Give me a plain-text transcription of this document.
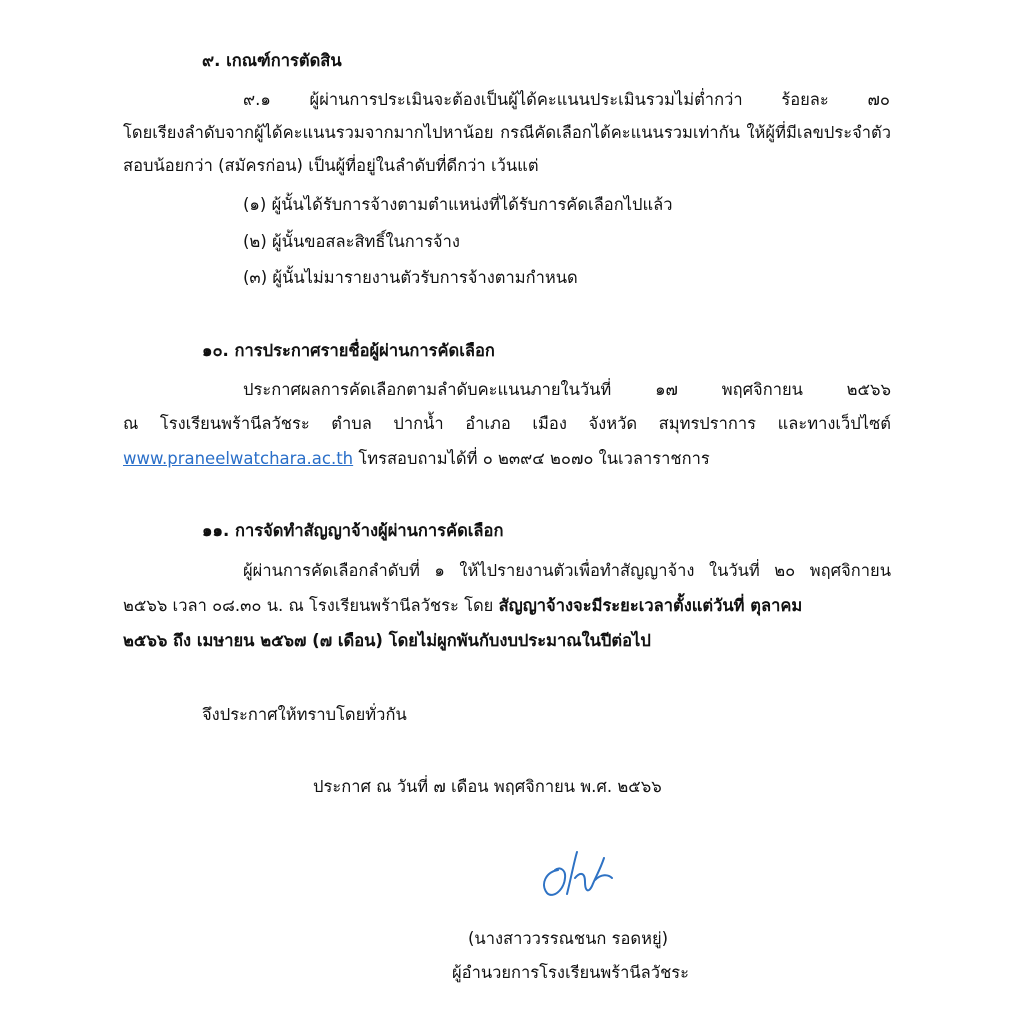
๙. เกณฑ์การตัดสิน

๙.๑ ผู้ผ่านการประเมินจะต้องเป็นผู้ได้คะแนนประเมินรวมไม่ต่ำกว่า ร้อยละ ๗๐

โดยเรียงลำดับจากผู้ได้คะแนนรวมจากมากไปหาน้อย กรณีคัดเลือกได้คะแนนรวมเท่ากัน ให้ผู้ที่มีเลขประจำตัว

สอบน้อยกว่า (สมัครก่อน) เป็นผู้ที่อยู่ในลำดับที่ดีกว่า เว้นแต่

(๑) ผู้นั้นได้รับการจ้างตามตำแหน่งที่ได้รับการคัดเลือกไปแล้ว

(๒) ผู้นั้นขอสละสิทธิ์ในการจ้าง

(๓) ผู้นั้นไม่มารายงานตัวรับการจ้างตามกำหนด

๑๐. การประกาศรายชื่อผู้ผ่านการคัดเลือก

ประกาศผลการคัดเลือกตามลำดับคะแนนภายในวันที่ ๑๗ พฤศจิกายน ๒๕๖๖

ณ โรงเรียนพร้านีลวัชระ ตำบล ปากน้ำ อำเภอ เมือง จังหวัด สมุทรปราการ และทางเว็ปไซต์

www.praneelwatchara.ac.th โทรสอบถามได้ที่ ๐ ๒๓๙๔ ๒๐๗๐ ในเวลาราชการ

๑๑. การจัดทำสัญญาจ้างผู้ผ่านการคัดเลือก

ผู้ผ่านการคัดเลือกลำดับที่ ๑ ให้ไปรายงานตัวเพื่อทำสัญญาจ้าง ในวันที่ ๒๐ พฤศจิกายน

๒๕๖๖ เวลา ๐๘.๓๐ น. ณ โรงเรียนพร้านีลวัชระ โดย สัญญาจ้างจะมีระยะเวลาตั้งแต่วันที่ ตุลาคม

๒๕๖๖ ถึง เมษายน ๒๕๖๗ (๗ เดือน) โดยไม่ผูกพันกับงบประมาณในปีต่อไป

จึงประกาศให้ทราบโดยทั่วกัน

ประกาศ ณ วันที่ ๗ เดือน พฤศจิกายน พ.ศ. ๒๕๖๖

(นางสาววรรณชนก รอดหยู่)

ผู้อำนวยการโรงเรียนพร้านีลวัชระ
